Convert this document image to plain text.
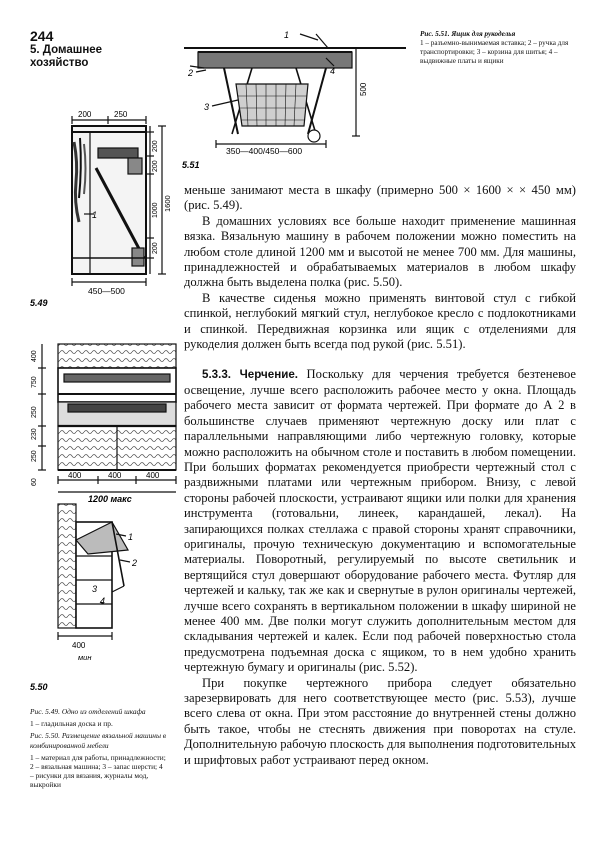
244
5. Домашнее хозяйство
1
2
3
4
500
350—400/450—600
5.51
Рис. 5.51. Ящик для рукоделья
1 – разъемно-вынимаемая вставка; 2 – ручка для транспортировки; 3 – корзина для шитья; 4 – выдвижные платы и ящики
200	250
200
200
1000
200
1600
450—500
1
5.49
400
750
250
230
250
60
400	400	400
1200 макс
1
2
3
4
400
мин
5.50

Рис. 5.49. Одно из отделений шкафа

1 – гладильная доска и пр.

Рис. 5.50. Размещение вязальной машины в комбинированной мебели

1 – материал для работы, принадлежности; 2 – вязальная машина; 3 – запас шерсти; 4 – рисунки для вязания, журналы мод, выкройки

меньше занимают места в шкафу (примерно 500 × 1600 × × 450 мм) (рис. 5.49).

В домашних условиях все больше находит применение машинная вязка. Вязальную машину в рабочем положении можно поместить на любом столе длиной 1200 мм и высотой не менее 700 мм. Для машины, принадлежностей и обрабатываемых материалов в любом шкафу должна быть выделена полка (рис. 5.50).

В качестве сиденья можно применять винтовой стул с гибкой спинкой, неглубокий мягкий стул, неглубокое кресло с подлокотниками и спинкой. Передвижная корзинка или ящик с отделениями для рукоделия должен быть всегда под рукой (рис. 5.51).

5.3.3. Черчение. Поскольку для черчения требуется безтеневое освещение, лучше всего расположить рабочее место у окна. Площадь рабочего места зависит от формата чертежей. При формате до А 2 в большинстве случаев применяют чертежную доску или плат с параллельными направляющими либо чертежную головку, которые можно расположить на обычном столе и поставить в любом помещении. При больших форматах рекомендуется приобрести чертежный стол с раздвижными платами или чертежным прибором. Внизу, с левой стороны рабочей плоскости, устраивают ящики или полки для хранения инструмента (готовальни, линеек, карандашей, лекал). На запирающихся полках стеллажа с правой стороны хранят справочники, оригиналы, прочую техническую документацию и вспомогательные материалы. Поворотный, регулируемый по высоте светильник и вертящийся стул довершают оборудование рабочего места. Футляр для чертежей и кальку, так же как и свернутые в рулон оригиналы чертежей, лучше всего сохранять в вертикальном положении в шкафу шириной не менее 400 мм. Две полки могут служить дополнительным местом для складывания чертежей и калек. Если под рабочей поверхностью стола предусмотрена подъемная доска с ящиком, то в нем удобно хранить чертежную бумагу и оригиналы (рис. 5.52).

При покупке чертежного прибора следует обязательно зарезервировать для него соответствующее место (рис. 5.53), лучше всего слева от окна. При этом расстояние до внутренней стены должно быть такое, чтобы не стеснять движения при поворотах на стуле. Дополнительную рабочую плоскость для выполнения подготовительных и шрифтовых работ устраивают перед окном.
